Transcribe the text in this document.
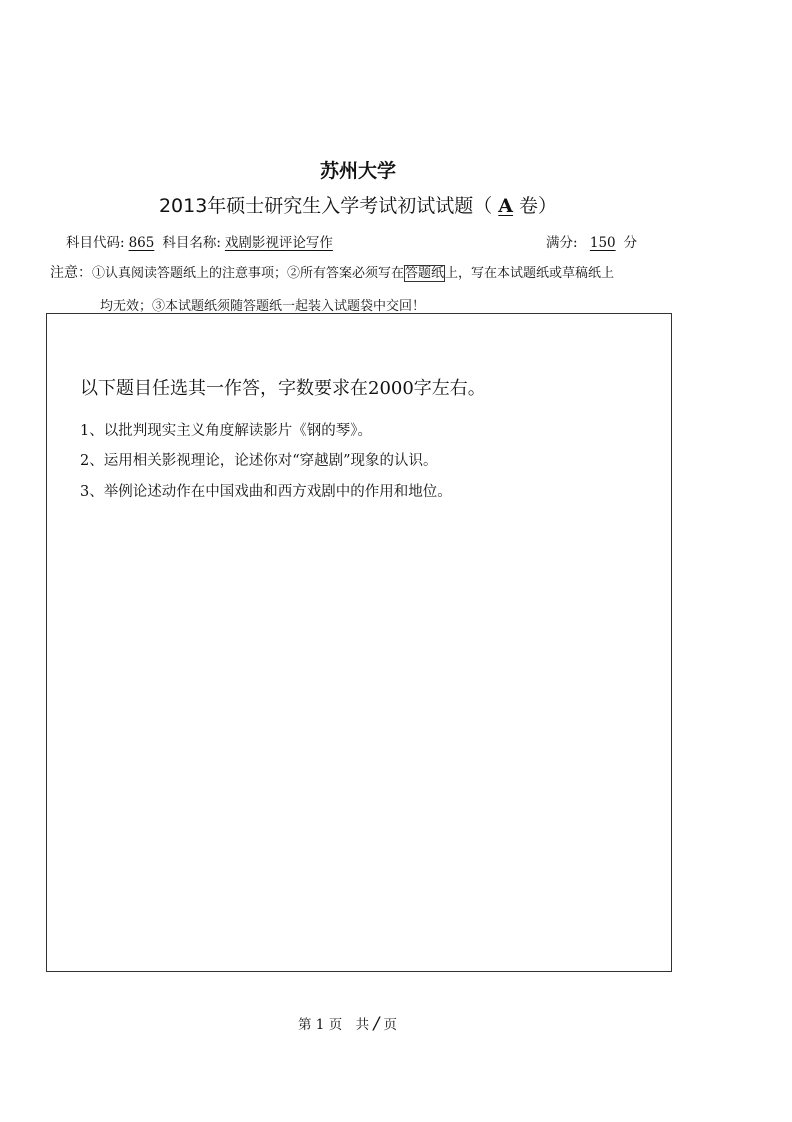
苏州大学
2013年硕士研究生入学考试初试试题（ A 卷）
科目代码: 865 科目名称: 戏剧影视评论写作	满分: 150 分
注意：①认真阅读答题纸上的注意事项；②所有答案必须写在答题纸上，写在本试题纸或草稿纸上
均无效；③本试题纸须随答题纸一起装入试题袋中交回！
以下题目任选其一作答，字数要求在2000字左右。
1、以批判现实主义角度解读影片《钢的琴》。
2、运用相关影视理论，论述你对“穿越剧”现象的认识。
3、举例论述动作在中国戏曲和西方戏剧中的作用和地位。
第 1 页　共 / 页
